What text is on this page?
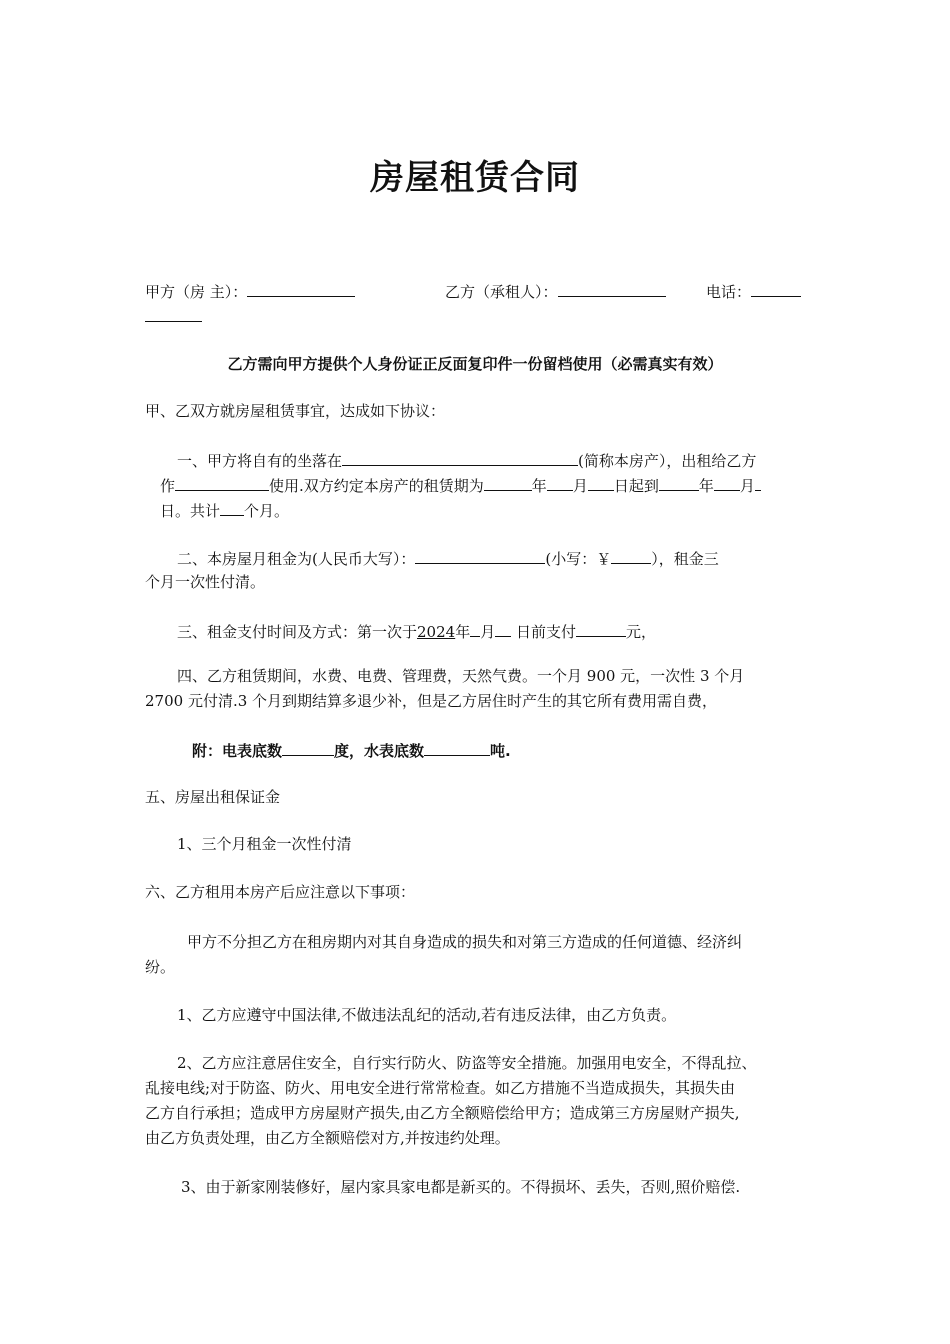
房屋租赁合同
甲方（房 主）：	乙方（承租人）：	电话：
乙方需向甲方提供个人身份证正反面复印件一份留档使用（必需真实有效）
甲、乙双方就房屋租赁事宜，达成如下协议：
一、甲方将自有的坐落在	(简称本房产），出租给乙方
作	使用.双方约定本房产的租赁期为	年 月 日起到	年 月
日。共计 个月。
二、本房屋月租金为(人民币大写）：	(小写：￥	），租金三
个月一次性付清。
三、租金支付时间及方式：第一次于2024年 月 日前支付	元，
四、乙方租赁期间，水费、电费、管理费，天然气费。一个月 900 元，一次性 3 个月
2700 元付清.3 个月到期结算多退少补，但是乙方居住时产生的其它所有费用需自费，
附：电表底数	度，水表底数	吨.
五、房屋出租保证金
1、三个月租金一次性付清
六、乙方租用本房产后应注意以下事项：
甲方不分担乙方在租房期内对其自身造成的损失和对第三方造成的任何道德、经济纠
纷。
1、乙方应遵守中国法律,不做违法乱纪的活动,若有违反法律，由乙方负责。
2、乙方应注意居住安全，自行实行防火、防盗等安全措施。加强用电安全，不得乱拉、
乱接电线;对于防盗、防火、用电安全进行常常检查。如乙方措施不当造成损失，其损失由
乙方自行承担；造成甲方房屋财产损失,由乙方全额赔偿给甲方；造成第三方房屋财产损失,
由乙方负责处理，由乙方全额赔偿对方,并按违约处理。
3、由于新家刚装修好，屋内家具家电都是新买的。不得损坏、丢失，否则,照价赔偿.
